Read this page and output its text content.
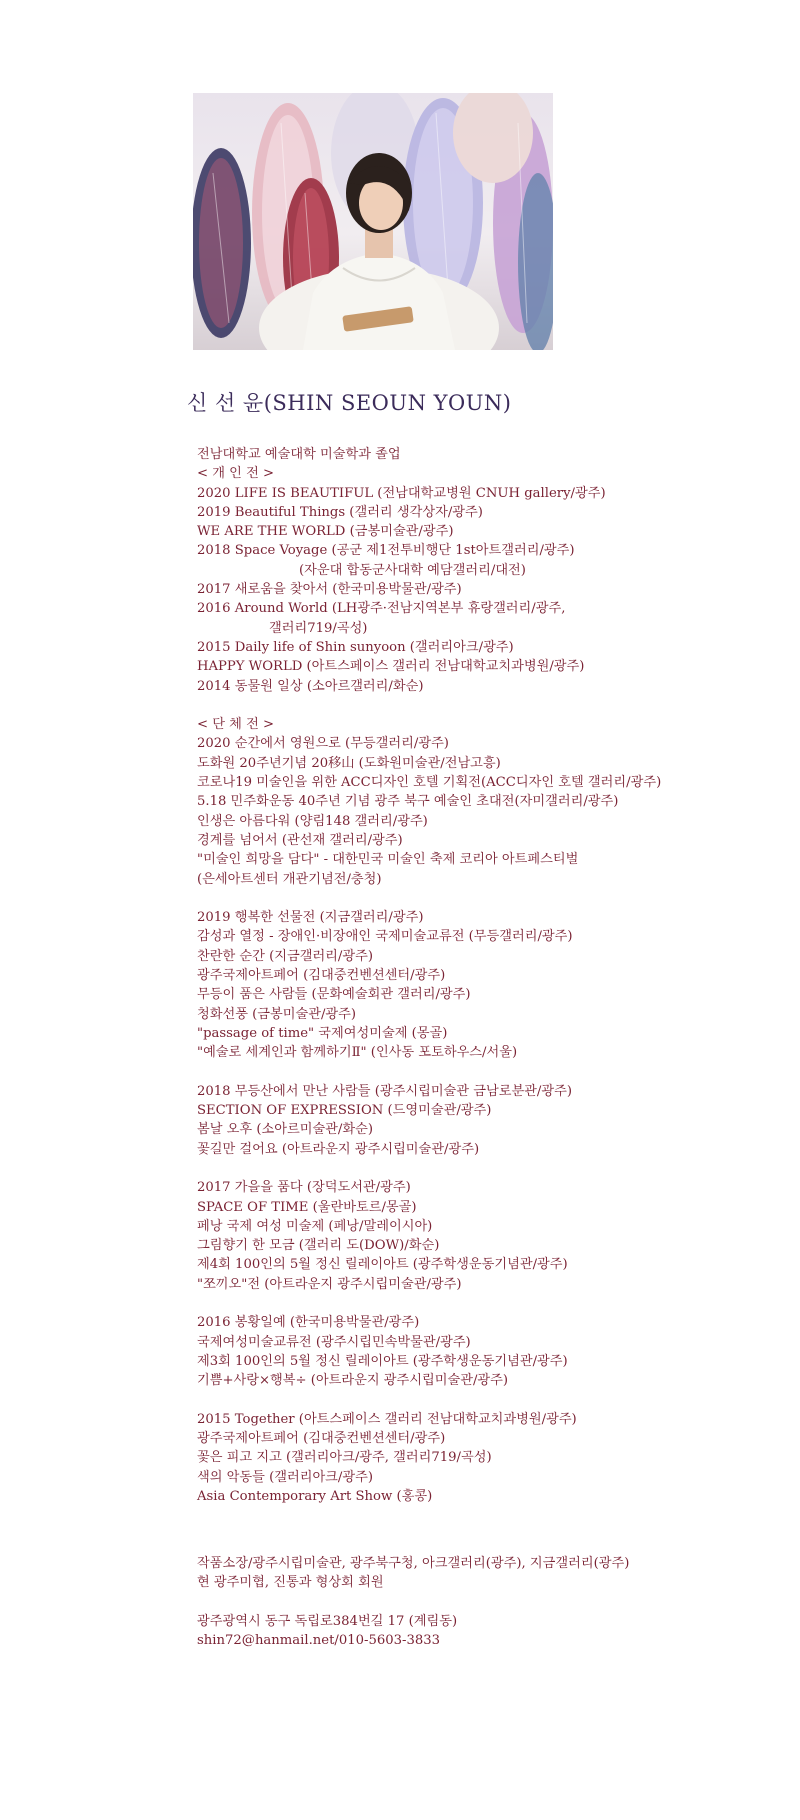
신 선 윤(SHIN SEOUN YOUN)
전남대학교 예술대학 미술학과 졸업
< 개 인 전 >
2020 LIFE IS BEAUTIFUL (전남대학교병원 CNUH gallery/광주)
2019 Beautiful Things (갤러리 생각상자/광주)
WE ARE THE WORLD (금봉미술관/광주)
2018 Space Voyage (공군 제1전투비행단 1st아트갤러리/광주)
(자운대 합동군사대학 예담갤러리/대전)
2017 새로움을 찾아서 (한국미용박물관/광주)
2016 Around World (LH광주·전남지역본부 휴랑갤러리/광주,
갤러리719/곡성)
2015 Daily life of Shin sunyoon (갤러리아크/광주)
HAPPY WORLD (아트스페이스 갤러리 전남대학교치과병원/광주)
2014 동물원 일상 (소아르갤러리/화순)
< 단 체 전 >
2020 순간에서 영원으로 (무등갤러리/광주)
도화원 20주년기념 20移山 (도화원미술관/전남고흥)
코로나19 미술인을 위한 ACC디자인 호텔 기획전(ACC디자인 호텔 갤러리/광주)
5.18 민주화운동 40주년 기념 광주 북구 예술인 초대전(자미갤러리/광주)
인생은 아름다워 (양림148 갤러리/광주)
경계를 넘어서 (관선재 갤러리/광주)
"미술인 희망을 담다" - 대한민국 미술인 축제 코리아 아트페스티벌
(은세아트센터 개관기념전/충청)
2019 행복한 선물전 (지금갤러리/광주)
감성과 열정 - 장애인·비장애인 국제미술교류전 (무등갤러리/광주)
찬란한 순간 (지금갤러리/광주)
광주국제아트페어 (김대중컨벤션센터/광주)
무등이 품은 사람들 (문화예술회관 갤러리/광주)
청화선풍 (금봉미술관/광주)
"passage of time" 국제여성미술제 (몽골)
"예술로 세계인과 함께하기Ⅱ" (인사동 포토하우스/서울)
2018 무등산에서 만난 사람들 (광주시립미술관 금남로분관/광주)
SECTION OF EXPRESSION (드영미술관/광주)
봄날 오후 (소아르미술관/화순)
꽃길만 걸어요 (아트라운지 광주시립미술관/광주)
2017 가을을 품다 (장덕도서관/광주)
SPACE OF TIME (울란바토르/몽골)
페낭 국제 여성 미술제 (페낭/말레이시아)
그림향기 한 모금 (갤러리 도(DOW)/화순)
제4회 100인의 5월 정신 릴레이아트 (광주학생운동기념관/광주)
"쪼끼오"전 (아트라운지 광주시립미술관/광주)
2016 봉황일예 (한국미용박물관/광주)
국제여성미술교류전 (광주시립민속박물관/광주)
제3회 100인의 5월 정신 릴레이아트 (광주학생운동기념관/광주)
기쁨+사랑×행복÷ (아트라운지 광주시립미술관/광주)
2015 Together (아트스페이스 갤러리 전남대학교치과병원/광주)
광주국제아트페어 (김대중컨벤션센터/광주)
꽃은 피고 지고 (갤러리아크/광주, 갤러리719/곡성)
색의 악동들 (갤러리아크/광주)
Asia Contemporary Art Show (홍콩)
작품소장/광주시립미술관, 광주북구청, 아크갤러리(광주), 지금갤러리(광주)
현 광주미협, 진통과 형상회 회원
광주광역시 동구 독립로384번길 17 (계림동)
shin72@hanmail.net/010-5603-3833
